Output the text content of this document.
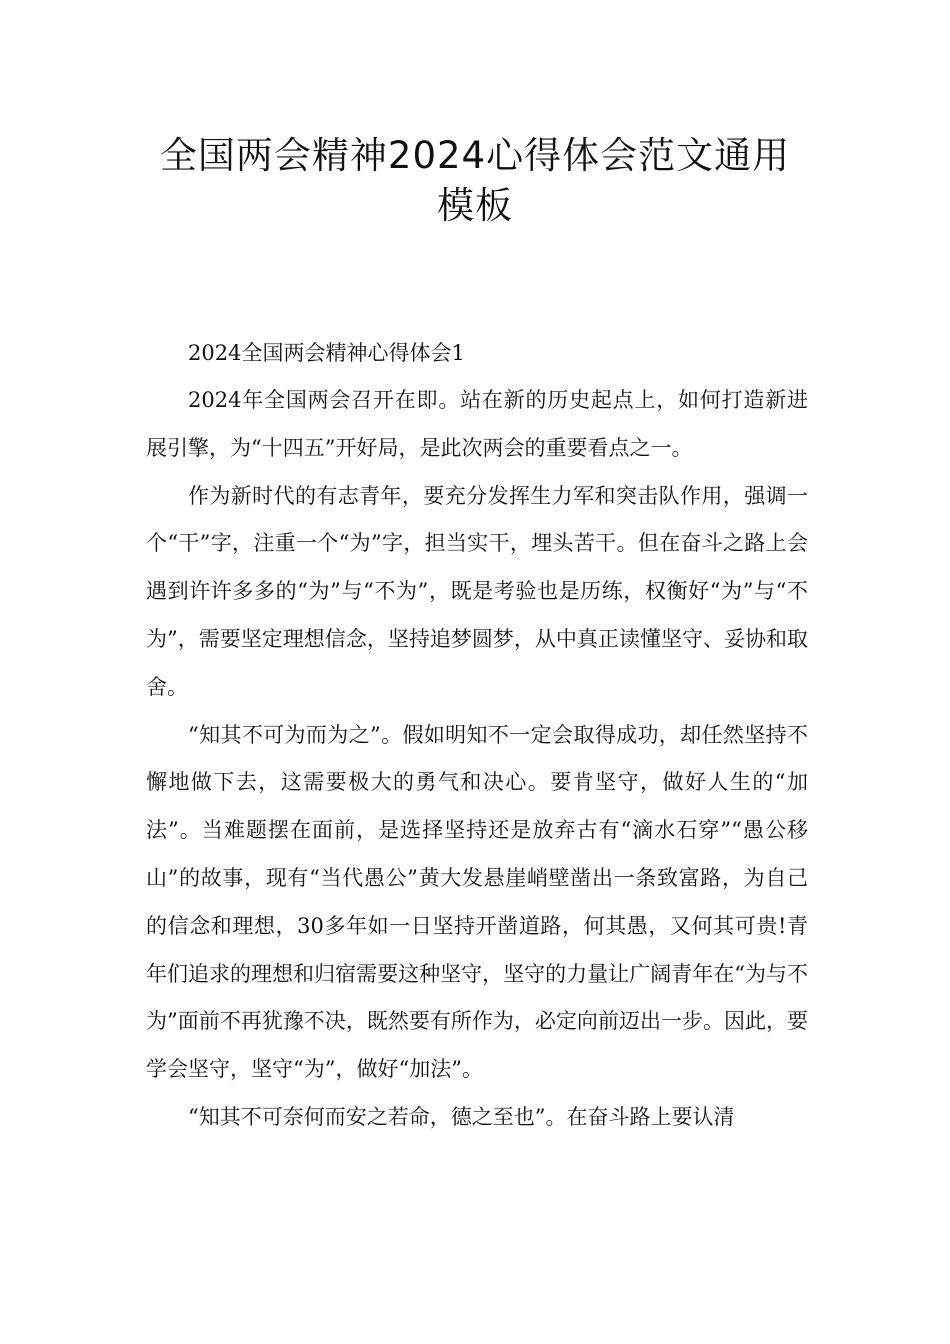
全国两会精神2024心得体会范文通用
模板
2024全国两会精神心得体会1

2024年全国两会召开在即。站在新的历史起点上，如何打造新进展引擎，为“十四五”开好局，是此次两会的重要看点之一。

作为新时代的有志青年，要充分发挥生力军和突击队作用，强调一个“干”字，注重一个“为”字，担当实干，埋头苦干。但在奋斗之路上会遇到许许多多的“为”与“不为”，既是考验也是历练，权衡好“为”与“不为”，需要坚定理想信念，坚持追梦圆梦，从中真正读懂坚守、妥协和取舍。

“知其不可为而为之”。假如明知不一定会取得成功，却任然坚持不懈地做下去，这需要极大的勇气和决心。要肯坚守，做好人生的“加法”。当难题摆在面前，是选择坚持还是放弃古有“滴水石穿”“愚公移山”的故事，现有“当代愚公”黄大发悬崖峭壁凿出一条致富路，为自己的信念和理想，30多年如一日坚持开凿道路，何其愚，又何其可贵!青年们追求的理想和归宿需要这种坚守，坚守的力量让广阔青年在“为与不为”面前不再犹豫不决，既然要有所作为，必定向前迈出一步。因此，要学会坚守，坚守“为”，做好“加法”。

“知其不可奈何而安之若命，德之至也”。在奋斗路上要认清
